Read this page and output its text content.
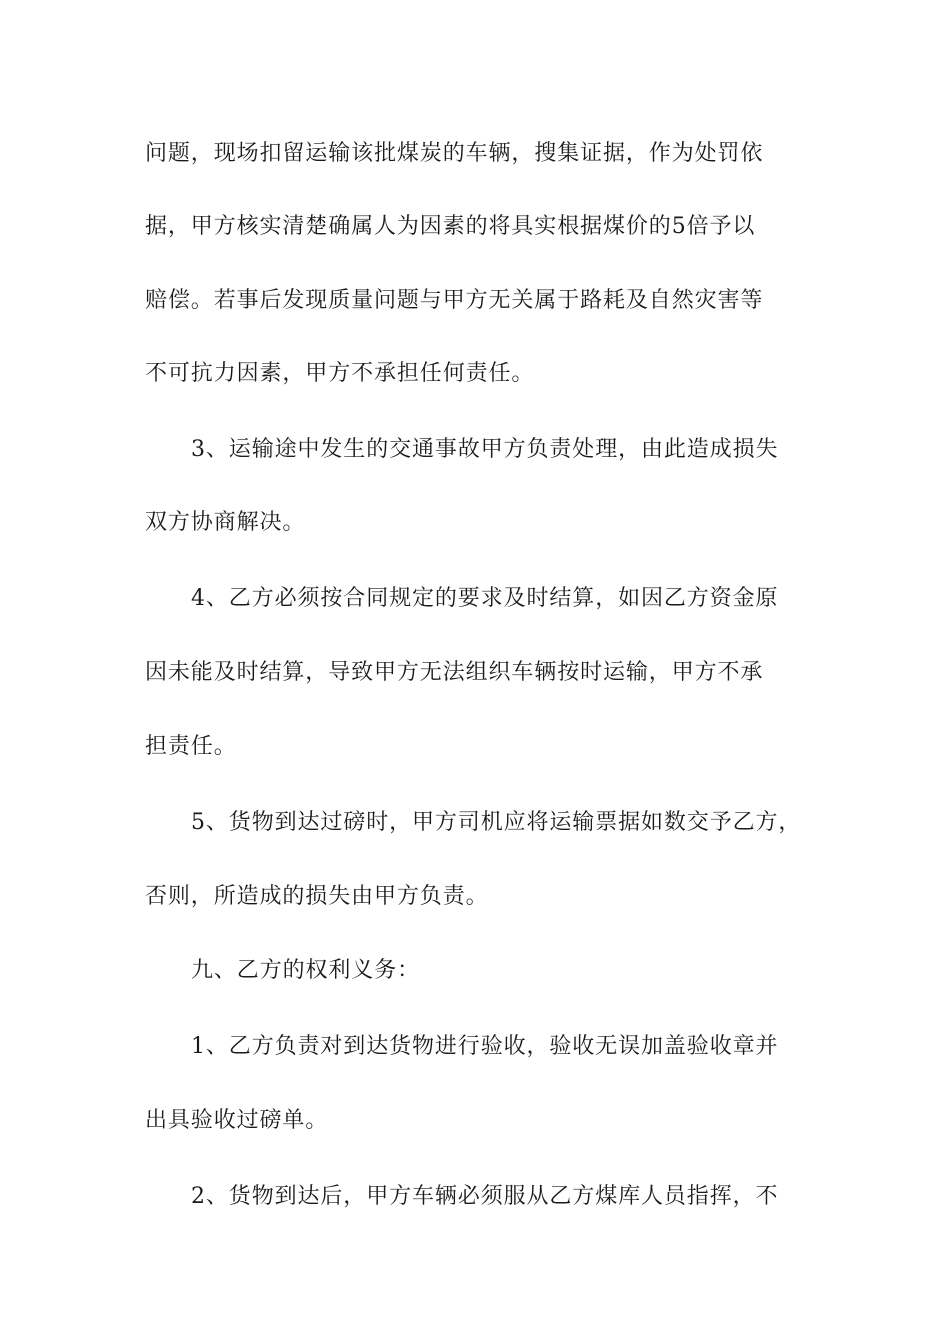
问题，现场扣留运输该批煤炭的车辆，搜集证据，作为处罚依
据，甲方核实清楚确属人为因素的将具实根据煤价的5倍予以
赔偿。若事后发现质量问题与甲方无关属于路耗及自然灾害等
不可抗力因素，甲方不承担任何责任。
3、运输途中发生的交通事故甲方负责处理，由此造成损失
双方协商解决。
4、乙方必须按合同规定的要求及时结算，如因乙方资金原
因未能及时结算，导致甲方无法组织车辆按时运输，甲方不承
担责任。
5、货物到达过磅时，甲方司机应将运输票据如数交予乙方，
否则，所造成的损失由甲方负责。
九、乙方的权利义务：
1、乙方负责对到达货物进行验收，验收无误加盖验收章并
出具验收过磅单。
2、货物到达后，甲方车辆必须服从乙方煤库人员指挥，不
